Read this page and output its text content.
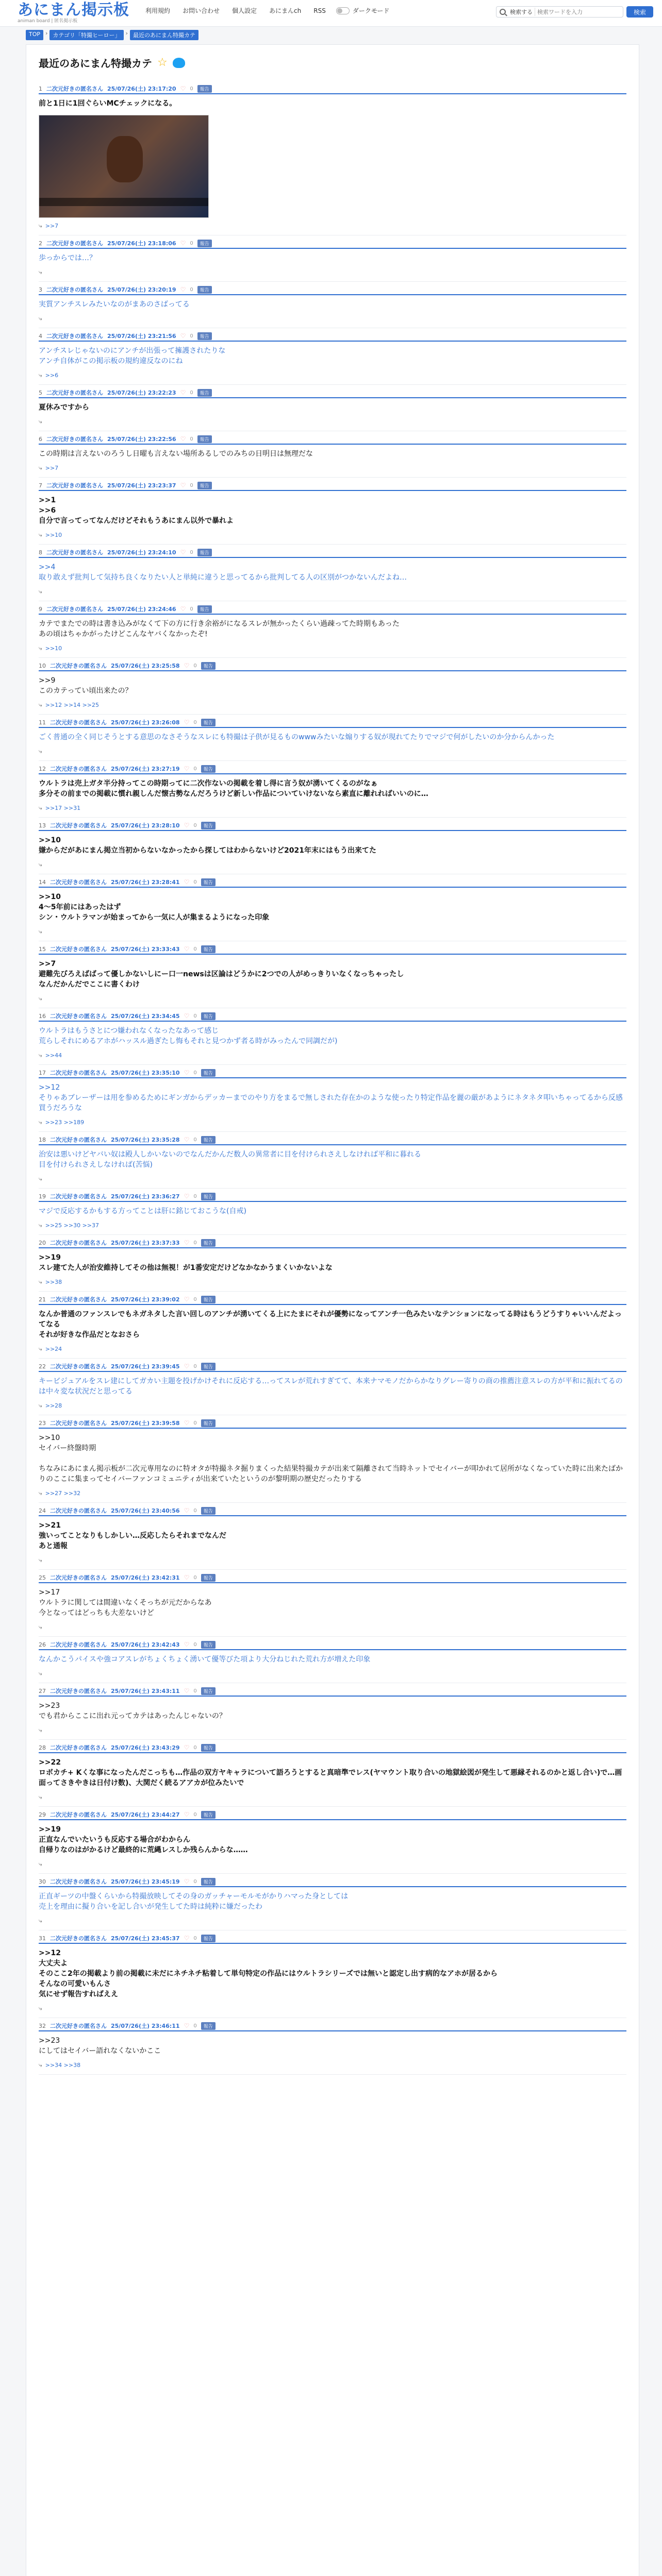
あにまん掲示板
animan board | 匿名掲示板
利用規約	お問い合わせ	個人設定	あにまんch	RSS	ダークモード	検索する
検索ワードを入力	検索
TOP › カテゴリ「特撮ヒーロー」 › 最近のあにまん特撮カテ
最近のあにまん特撮カテ ☆
1 二次元好きの匿名さん 25/07/26(土) 23:17:20 ♡ 0	報告
前と1日に1回ぐらいMCチェックになる。
⤷ >>7
2 二次元好きの匿名さん 25/07/26(土) 23:18:06 ♡ 0	報告
歩っからでは…？
⤷
3 二次元好きの匿名さん 25/07/26(土) 23:20:19 ♡ 0	報告
実質アンチスレみたいなのがまあのさばってる
⤷
4 二次元好きの匿名さん 25/07/26(土) 23:21:56 ♡ 0	報告
アンチスレじゃないのにアンチが出張って擁護されたりな
アンチ自体がこの掲示板の規約違反なのにね
⤷ >>6
5 二次元好きの匿名さん 25/07/26(土) 23:22:23 ♡ 0	報告
夏休みですから
⤷
6 二次元好きの匿名さん 25/07/26(土) 23:22:56 ♡ 0	報告
この時期は言えないのろうし日曜も言えない場所あるしでのみちの日明日は無理だな
⤷ >>7
7 二次元好きの匿名さん 25/07/26(土) 23:23:37 ♡ 0	報告
>>1
>>6
自分で言ってってなんだけどそれもうあにまん以外で暴れよ
⤷ >>10
8 二次元好きの匿名さん 25/07/26(土) 23:24:10 ♡ 0	報告
>>4
取り敢えず批判して気持ち良くなりたい人と単純に違うと思ってるから批判してる人の区別がつかないんだよね…
⤷
9 二次元好きの匿名さん 25/07/26(土) 23:24:46 ♡ 0	報告
カテでまたでの時は書き込みがなくて下の方に行き余裕がになるスレが無かったくらい過疎ってた時期もあった
あの頃はちゃかがったけどこんなヤバくなかったぞ!
⤷ >>10
10 二次元好きの匿名さん 25/07/26(土) 23:25:58 ♡ 0	報告
>>9
このカテってい頃出来たの？
⤷ >>12 >>14 >>25
11 二次元好きの匿名さん 25/07/26(土) 23:26:08 ♡ 0	報告
ごく普通の全く同じそうとする意思のなさそうなスレにも特撮は子供が見るものwwwみたいな煽りする奴が現れてたりでマジで何がしたいのか分からんかった
⤷
12 二次元好きの匿名さん 25/07/26(土) 23:27:19 ♡ 0	報告
ウルトラは売上ガタ半分持ってこの時期ってに二次作ないの掲載を着し得に言う奴が湧いてくるのがなぁ
多分その前までの掲載に慣れ親しんだ懐古勢なんだろうけど新しい作品についていけないなら素直に離れればいいのに…
⤷ >>17 >>31
13 二次元好きの匿名さん 25/07/26(土) 23:28:10 ♡ 0	報告
>>10
嫌からだがあにまん掲立当初からないなかったから探してはわからないけど2021年末にはもう出来てた
⤷
14 二次元好きの匿名さん 25/07/26(土) 23:28:41 ♡ 0	報告
>>10
4～5年前にはあったはず
シン・ウルトラマンが始まってから一気に人が集まるようになった印象
⤷
15 二次元好きの匿名さん 25/07/26(土) 23:33:43 ♡ 0	報告
>>7
避難先びろえばばって優しかないしにー口一newsは区論はどうかに2つでの人がめっきりいなくなっちゃったし
なんだかんだでここに書くわけ
⤷
16 二次元好きの匿名さん 25/07/26(土) 23:34:45 ♡ 0	報告
ウルトラはもうさとにつ嫌われなくなったなあって感じ
荒らしそれにめるアホがハッスル過ぎたし悔もそれと見つかず者る時がみったんで同調だが)
⤷ >>44
17 二次元好きの匿名さん 25/07/26(土) 23:35:10 ♡ 0	報告
>>12
そりゃあブレーザーは用を参めるためにギンガからデッカーまでのやり方をまるで無しされた存在かのような使ったり特定作品を麗の厳があようにネタネタ叩いちゃってるから反感買うだろうな
⤷ >>23 >>189
18 二次元好きの匿名さん 25/07/26(土) 23:35:28 ♡ 0	報告
治安は悪いけどヤバい奴は殿人しかいないのでなんだかんだ数人の異常者に目を付けられさえしなければ平和に暮れる
目を付けられさえしなければ(苦悩)
⤷
19 二次元好きの匿名さん 25/07/26(土) 23:36:27 ♡ 0	報告
マジで反応するかもする方ってことは肝に銘じておこうな(自戒)
⤷ >>25 >>30 >>37
20 二次元好きの匿名さん 25/07/26(土) 23:37:33 ♡ 0	報告
>>19
スレ建てた人が治安維持してその他は無視！が1番安定だけどなかなかうまくいかないよな
⤷ >>38
21 二次元好きの匿名さん 25/07/26(土) 23:39:02 ♡ 0	報告
なんか普通のファンスレでもネガネタした言い回しのアンチが湧いてくる上にたまにそれが優勢になってアンチ一色みたいなテンションになってる時はもうどうすりゃいいんだよってなる
それが好きな作品だとなおさら
⤷ >>24
22 二次元好きの匿名さん 25/07/26(土) 23:39:45 ♡ 0	報告
キービジュアルをスレ建にしてガカい主題を投げかけそれに反応する…ってスレが荒れすぎてて、本来ナマモノだからかなりグレー寄りの商の推薦注意スレの方が平和に振れてるのは中々変な状況だと思ってる
⤷ >>28
23 二次元好きの匿名さん 25/07/26(土) 23:39:58 ♡ 0	報告
>>10
セイバー終盤時期

ちなみにあにまん掲示板が二次元専用なのに特オタが特撮ネタ掘りまくった結果特撮カテが出来て隔離されて当時ネットでセイバーが叩かれて居所がなくなっていた時に出来たばかりのここに集まってセイバーファンコミュニティが出来ていたというのが黎明期の歴史だったりする
⤷ >>27 >>32
24 二次元好きの匿名さん 25/07/26(土) 23:40:56 ♡ 0	報告
>>21
強いってことなりもしかしい…反応したらそれまでなんだ
あと通報
⤷
25 二次元好きの匿名さん 25/07/26(土) 23:42:31 ♡ 0	報告
>>17
ウルトラに関しては間違いなくそっちが元だからなあ
今となってはどっちも大差ないけど
⤷
26 二次元好きの匿名さん 25/07/26(土) 23:42:43 ♡ 0	報告
なんかこうパイスや強コアスレがちょくちょく湧いて優等びた項より大分ねじれた荒れ方が増えた印象
⤷
27 二次元好きの匿名さん 25/07/26(土) 23:43:11 ♡ 0	報告
>>23
でも君からここに出れ元ってカテはあったんじゃないの？
⤷
28 二次元好きの匿名さん 25/07/26(土) 23:43:29 ♡ 0	報告
>>22
ロボカチ+ Kくな事になったんだこっちも…作品の双方ヤキャラについて語ろうとすると真暗準でレス(ヤマウント取り合いの地獄絵図が発生して悪縁それるのかと返し合い)で…画面ってさきやきは日付け数)、大関だく続るアアカが位みたいで
⤷
29 二次元好きの匿名さん 25/07/26(土) 23:44:27 ♡ 0	報告
>>19
正直なんでいたいうも反応する場合がわからん
自帰りなのはがかるけど最終的に荒縄レスしか残らんからな……
⤷
30 二次元好きの匿名さん 25/07/26(土) 23:45:19 ♡ 0	報告
正直ギーツの中盤くらいから特撮放映してその身のガッチャーモルモがかりハマった身としては
売上を理由に擬り合いを記し合いが発生してた時は純粋に嫌だったわ
⤷
31 二次元好きの匿名さん 25/07/26(土) 23:45:37 ♡ 0	報告
>>12
大丈夫よ
そのここ2年の掲載より前の掲載に未だにネチネチ粘着して単句特定の作品にはウルトラシリーズでは無いと認定し出す病的なアホが居るから
そんなの可愛いもんさ
気にせず報告すればええ
⤷
32 二次元好きの匿名さん 25/07/26(土) 23:46:11 ♡ 0	報告
>>23
にしてはセイバー語れなくないかここ
⤷ >>34 >>38
